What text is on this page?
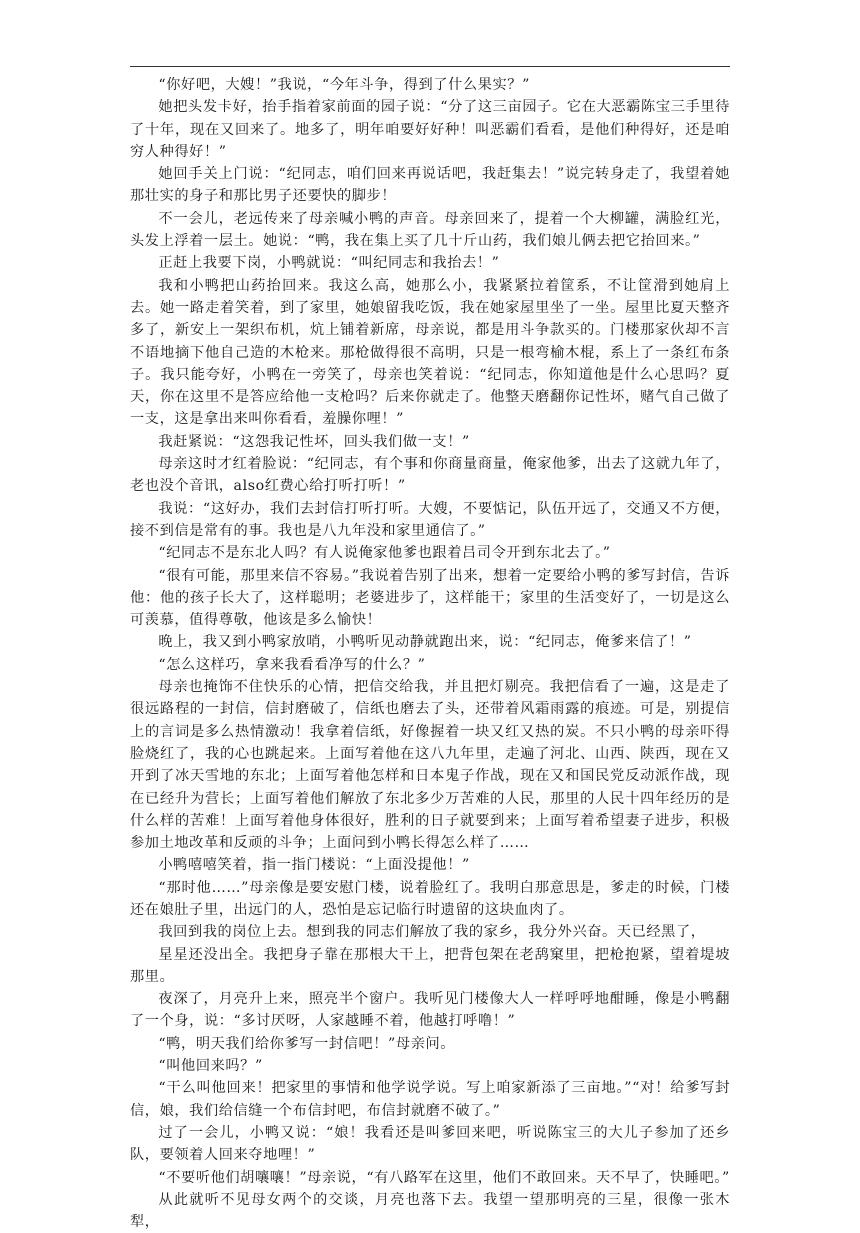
“你好吧，大嫂！”我说，“今年斗争，得到了什么果实？”

她把头发卡好，抬手指着家前面的园子说：“分了这三亩园子。它在大恶霸陈宝三手里待了十年，现在又回来了。地多了，明年咱要好好种！叫恶霸们看看，是他们种得好，还是咱穷人种得好！”

她回手关上门说：“纪同志，咱们回来再说话吧，我赶集去！”说完转身走了，我望着她那壮实的身子和那比男子还要快的脚步！

不一会儿，老远传来了母亲喊小鸭的声音。母亲回来了，提着一个大柳罐，满脸红光，头发上浮着一层土。她说：“鸭，我在集上买了几十斤山药，我们娘儿俩去把它抬回来。”

正赶上我要下岗，小鸭就说：“叫纪同志和我抬去！”

我和小鸭把山药抬回来。我这么高，她那么小，我紧紧拉着筐系，不让筐滑到她肩上去。她一路走着笑着，到了家里，她娘留我吃饭，我在她家屋里坐了一坐。屋里比夏天整齐多了，新安上一架织布机，炕上铺着新席，母亲说，都是用斗争款买的。门楼那家伙却不言不语地摘下他自己造的木枪来。那枪做得很不高明，只是一根弯榆木棍，系上了一条红布条子。我只能夸好，小鸭在一旁笑了，母亲也笑着说：“纪同志，你知道他是什么心思吗？夏天，你在这里不是答应给他一支枪吗？后来你就走了。他整天磨翻你记性坏，赌气自己做了一支，这是拿出来叫你看看，羞臊你哩！”

我赶紧说：“这怨我记性坏，回头我们做一支！”

母亲这时才红着脸说：“纪同志，有个事和你商量商量，俺家他爹，出去了这就九年了，老也没个音讯，also红费心给打听打听！”

我说：“这好办，我们去封信打听打听。大嫂，不要惦记，队伍开远了，交通又不方便，接不到信是常有的事。我也是八九年没和家里通信了。”

“纪同志不是东北人吗？有人说俺家他爹也跟着吕司令开到东北去了。”

“很有可能，那里来信不容易。”我说着告别了出来，想着一定要给小鸭的爹写封信，告诉他：他的孩子长大了，这样聪明；老婆进步了，这样能干；家里的生活变好了，一切是这么可羡慕，值得尊敬，他该是多么愉快！

晚上，我又到小鸭家放哨，小鸭听见动静就跑出来，说：“纪同志，俺爹来信了！”

“怎么这样巧，拿来我看看净写的什么？”

母亲也掩饰不住快乐的心情，把信交给我，并且把灯剔亮。我把信看了一遍，这是走了很远路程的一封信，信封磨破了，信纸也磨去了头，还带着风霜雨露的痕迹。可是，别提信上的言词是多么热情激动！我拿着信纸，好像握着一块又红又热的炭。不只小鸭的母亲吓得脸烧红了，我的心也跳起来。上面写着他在这八九年里，走遍了河北、山西、陕西，现在又开到了冰天雪地的东北；上面写着他怎样和日本鬼子作战，现在又和国民党反动派作战，现在已经升为营长；上面写着他们解放了东北多少万苦难的人民，那里的人民十四年经历的是什么样的苦难！上面写着他身体很好，胜利的日子就要到来；上面写着希望妻子进步，积极参加土地改革和反顽的斗争；上面问到小鸭长得怎么样了……

小鸭嘻嘻笑着，指一指门楼说：“上面没提他！”

“那时他……”母亲像是要安慰门楼，说着脸红了。我明白那意思是，爹走的时候，门楼还在娘肚子里，出远门的人，恐怕是忘记临行时遗留的这块血肉了。

我回到我的岗位上去。想到我的同志们解放了我的家乡，我分外兴奋。天已经黑了，

星星还没出全。我把身子靠在那根大干上，把背包架在老鸹窠里，把枪抱紧，望着堤坡那里。

夜深了，月亮升上来，照亮半个窗户。我听见门楼像大人一样呼呼地酣睡，像是小鸭翻了一个身，说：“多讨厌呀，人家越睡不着，他越打呼噜！”

“鸭，明天我们给你爹写一封信吧！”母亲问。

“叫他回来吗？”

“干么叫他回来！把家里的事情和他学说学说。写上咱家新添了三亩地。”“对！给爹写封信，娘，我们给信缝一个布信封吧，布信封就磨不破了。”

过了一会儿，小鸭又说：“娘！我看还是叫爹回来吧，听说陈宝三的大儿子参加了还乡队，要领着人回来夺地哩！”

“不要听他们胡嚷嚷！”母亲说，“有八路军在这里，他们不敢回来。天不早了，快睡吧。”

从此就听不见母女两个的交谈，月亮也落下去。我望一望那明亮的三星，很像一张木犁，
